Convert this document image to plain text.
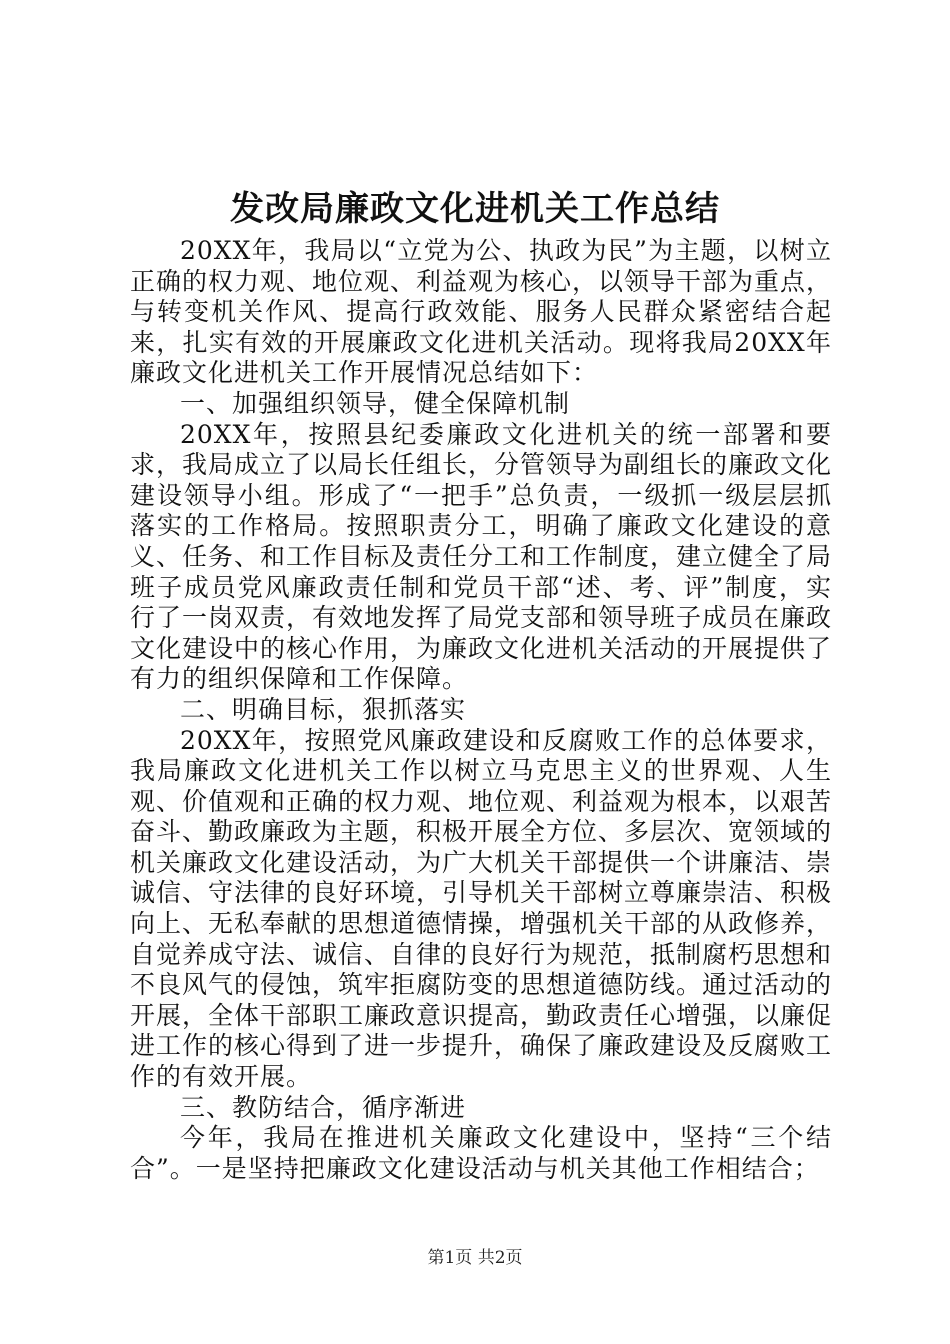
发改局廉政文化进机关工作总结

20XX年，我局以“立党为公、执政为民”为主题，以树立正确的权力观、地位观、利益观为核心，以领导干部为重点，与转变机关作风、提高行政效能、服务人民群众紧密结合起来，扎实有效的开展廉政文化进机关活动。现将我局20XX年廉政文化进机关工作开展情况总结如下：

一、加强组织领导，健全保障机制

20XX年，按照县纪委廉政文化进机关的统一部署和要求，我局成立了以局长任组长，分管领导为副组长的廉政文化建设领导小组。形成了“一把手”总负责，一级抓一级层层抓落实的工作格局。按照职责分工，明确了廉政文化建设的意义、任务、和工作目标及责任分工和工作制度，建立健全了局班子成员党风廉政责任制和党员干部“述、考、评”制度，实行了一岗双责，有效地发挥了局党支部和领导班子成员在廉政文化建设中的核心作用，为廉政文化进机关活动的开展提供了有力的组织保障和工作保障。

二、明确目标，狠抓落实

20XX年，按照党风廉政建设和反腐败工作的总体要求，我局廉政文化进机关工作以树立马克思主义的世界观、人生观、价值观和正确的权力观、地位观、利益观为根本，以艰苦奋斗、勤政廉政为主题，积极开展全方位、多层次、宽领域的机关廉政文化建设活动，为广大机关干部提供一个讲廉洁、崇诚信、守法律的良好环境，引导机关干部树立尊廉崇洁、积极向上、无私奉献的思想道德情操，增强机关干部的从政修养，自觉养成守法、诚信、自律的良好行为规范，抵制腐朽思想和不良风气的侵蚀，筑牢拒腐防变的思想道德防线。通过活动的开展，全体干部职工廉政意识提高，勤政责任心增强，以廉促进工作的核心得到了进一步提升，确保了廉政建设及反腐败工作的有效开展。

三、教防结合，循序渐进

今年，我局在推进机关廉政文化建设中，坚持“三个结合”。一是坚持把廉政文化建设活动与机关其他工作相结合；

第1页 共2页
